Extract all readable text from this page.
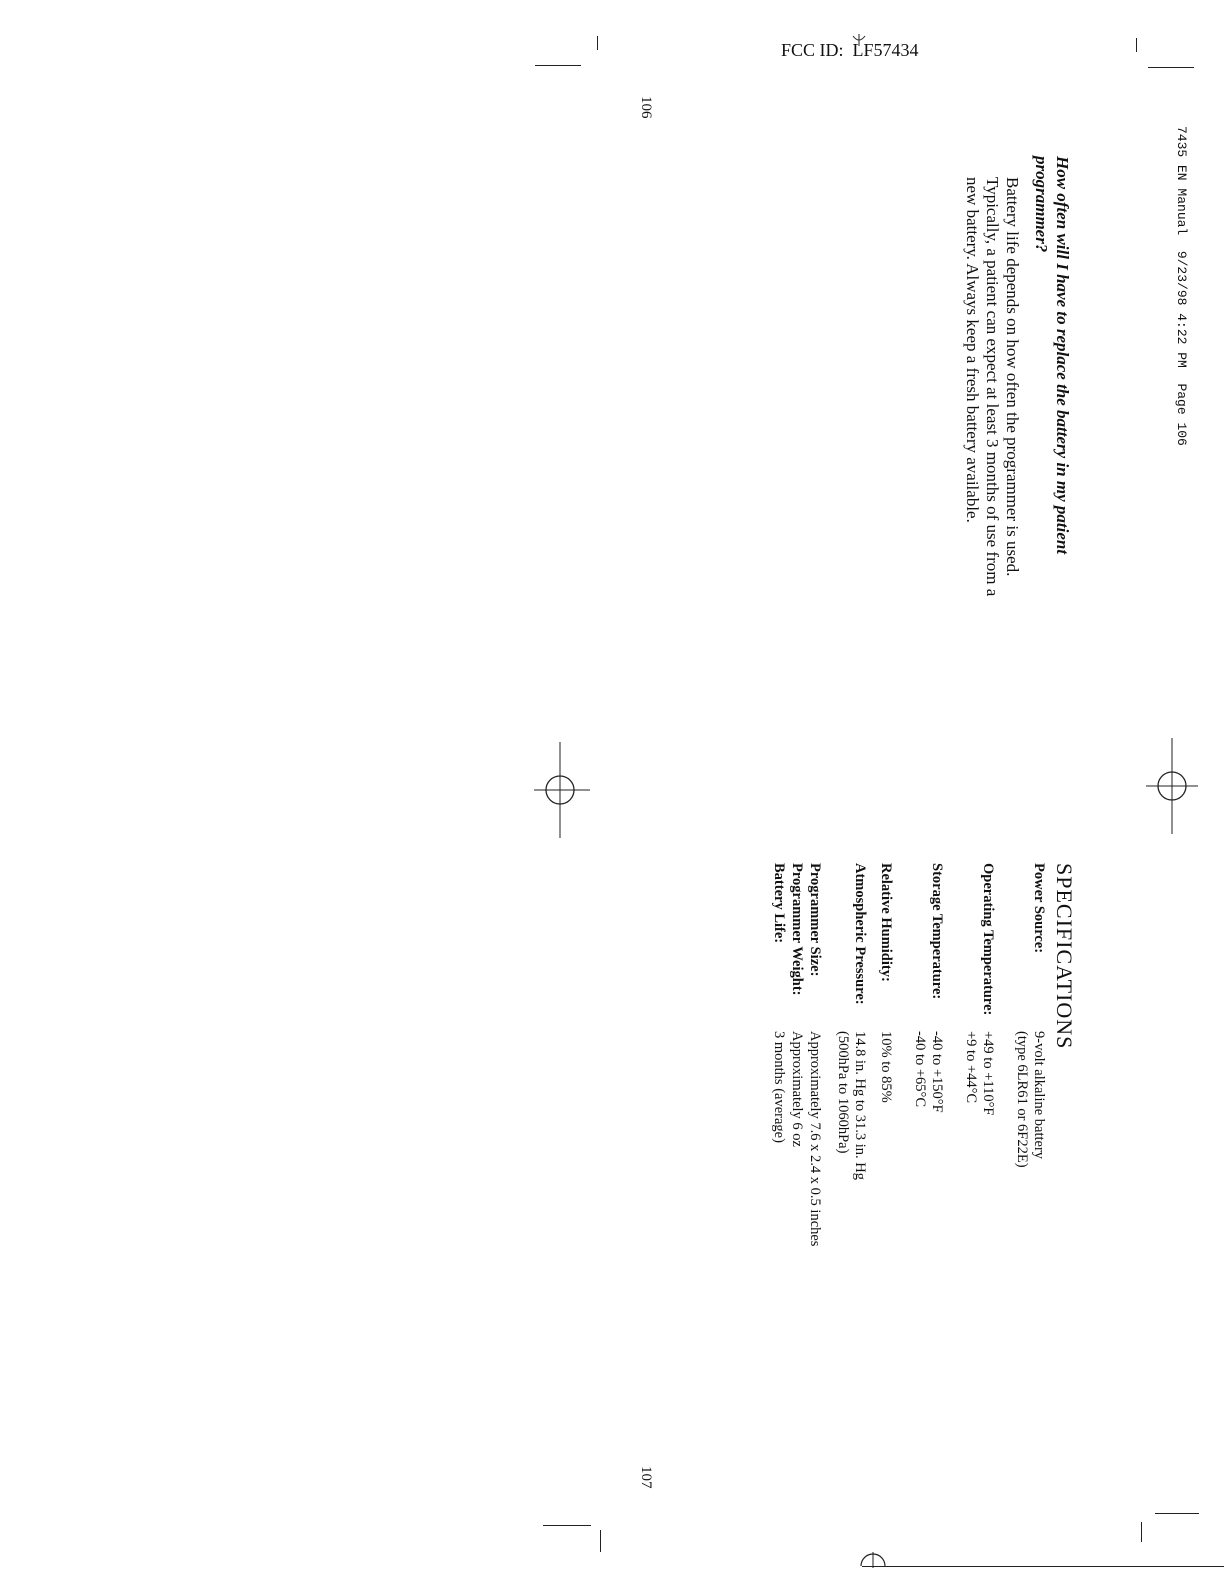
FCC ID:  LF57434
7435 EN Manual  9/23/98 4:22 PM  Page 106
106
107
How often will I have to replace the battery in my patient
programmer?
Battery life depends on how often the programmer is used.
Typically, a patient can expect at least 3 months of use from a
new battery. Always keep a fresh battery available.
SPECIFICATIONS
Power Source:
9-volt alkaline battery
(type 6LR61 or 6F22E)
Operating Temperature:
+49 to +110°F
+9 to +44°C
Storage Temperature:
-40 to +150°F
-40 to +65°C
Relative Humidity:
10% to 85%
Atmospheric Pressure:
14.8 in. Hg to 31.3 in. Hg
(500hPa to 1060hPa)
Programmer Size:
Approximately 7.6 x 2.4 x 0.5 inches
Programmer Weight:
Approximately 6 oz
Battery Life:
3 months (average)
